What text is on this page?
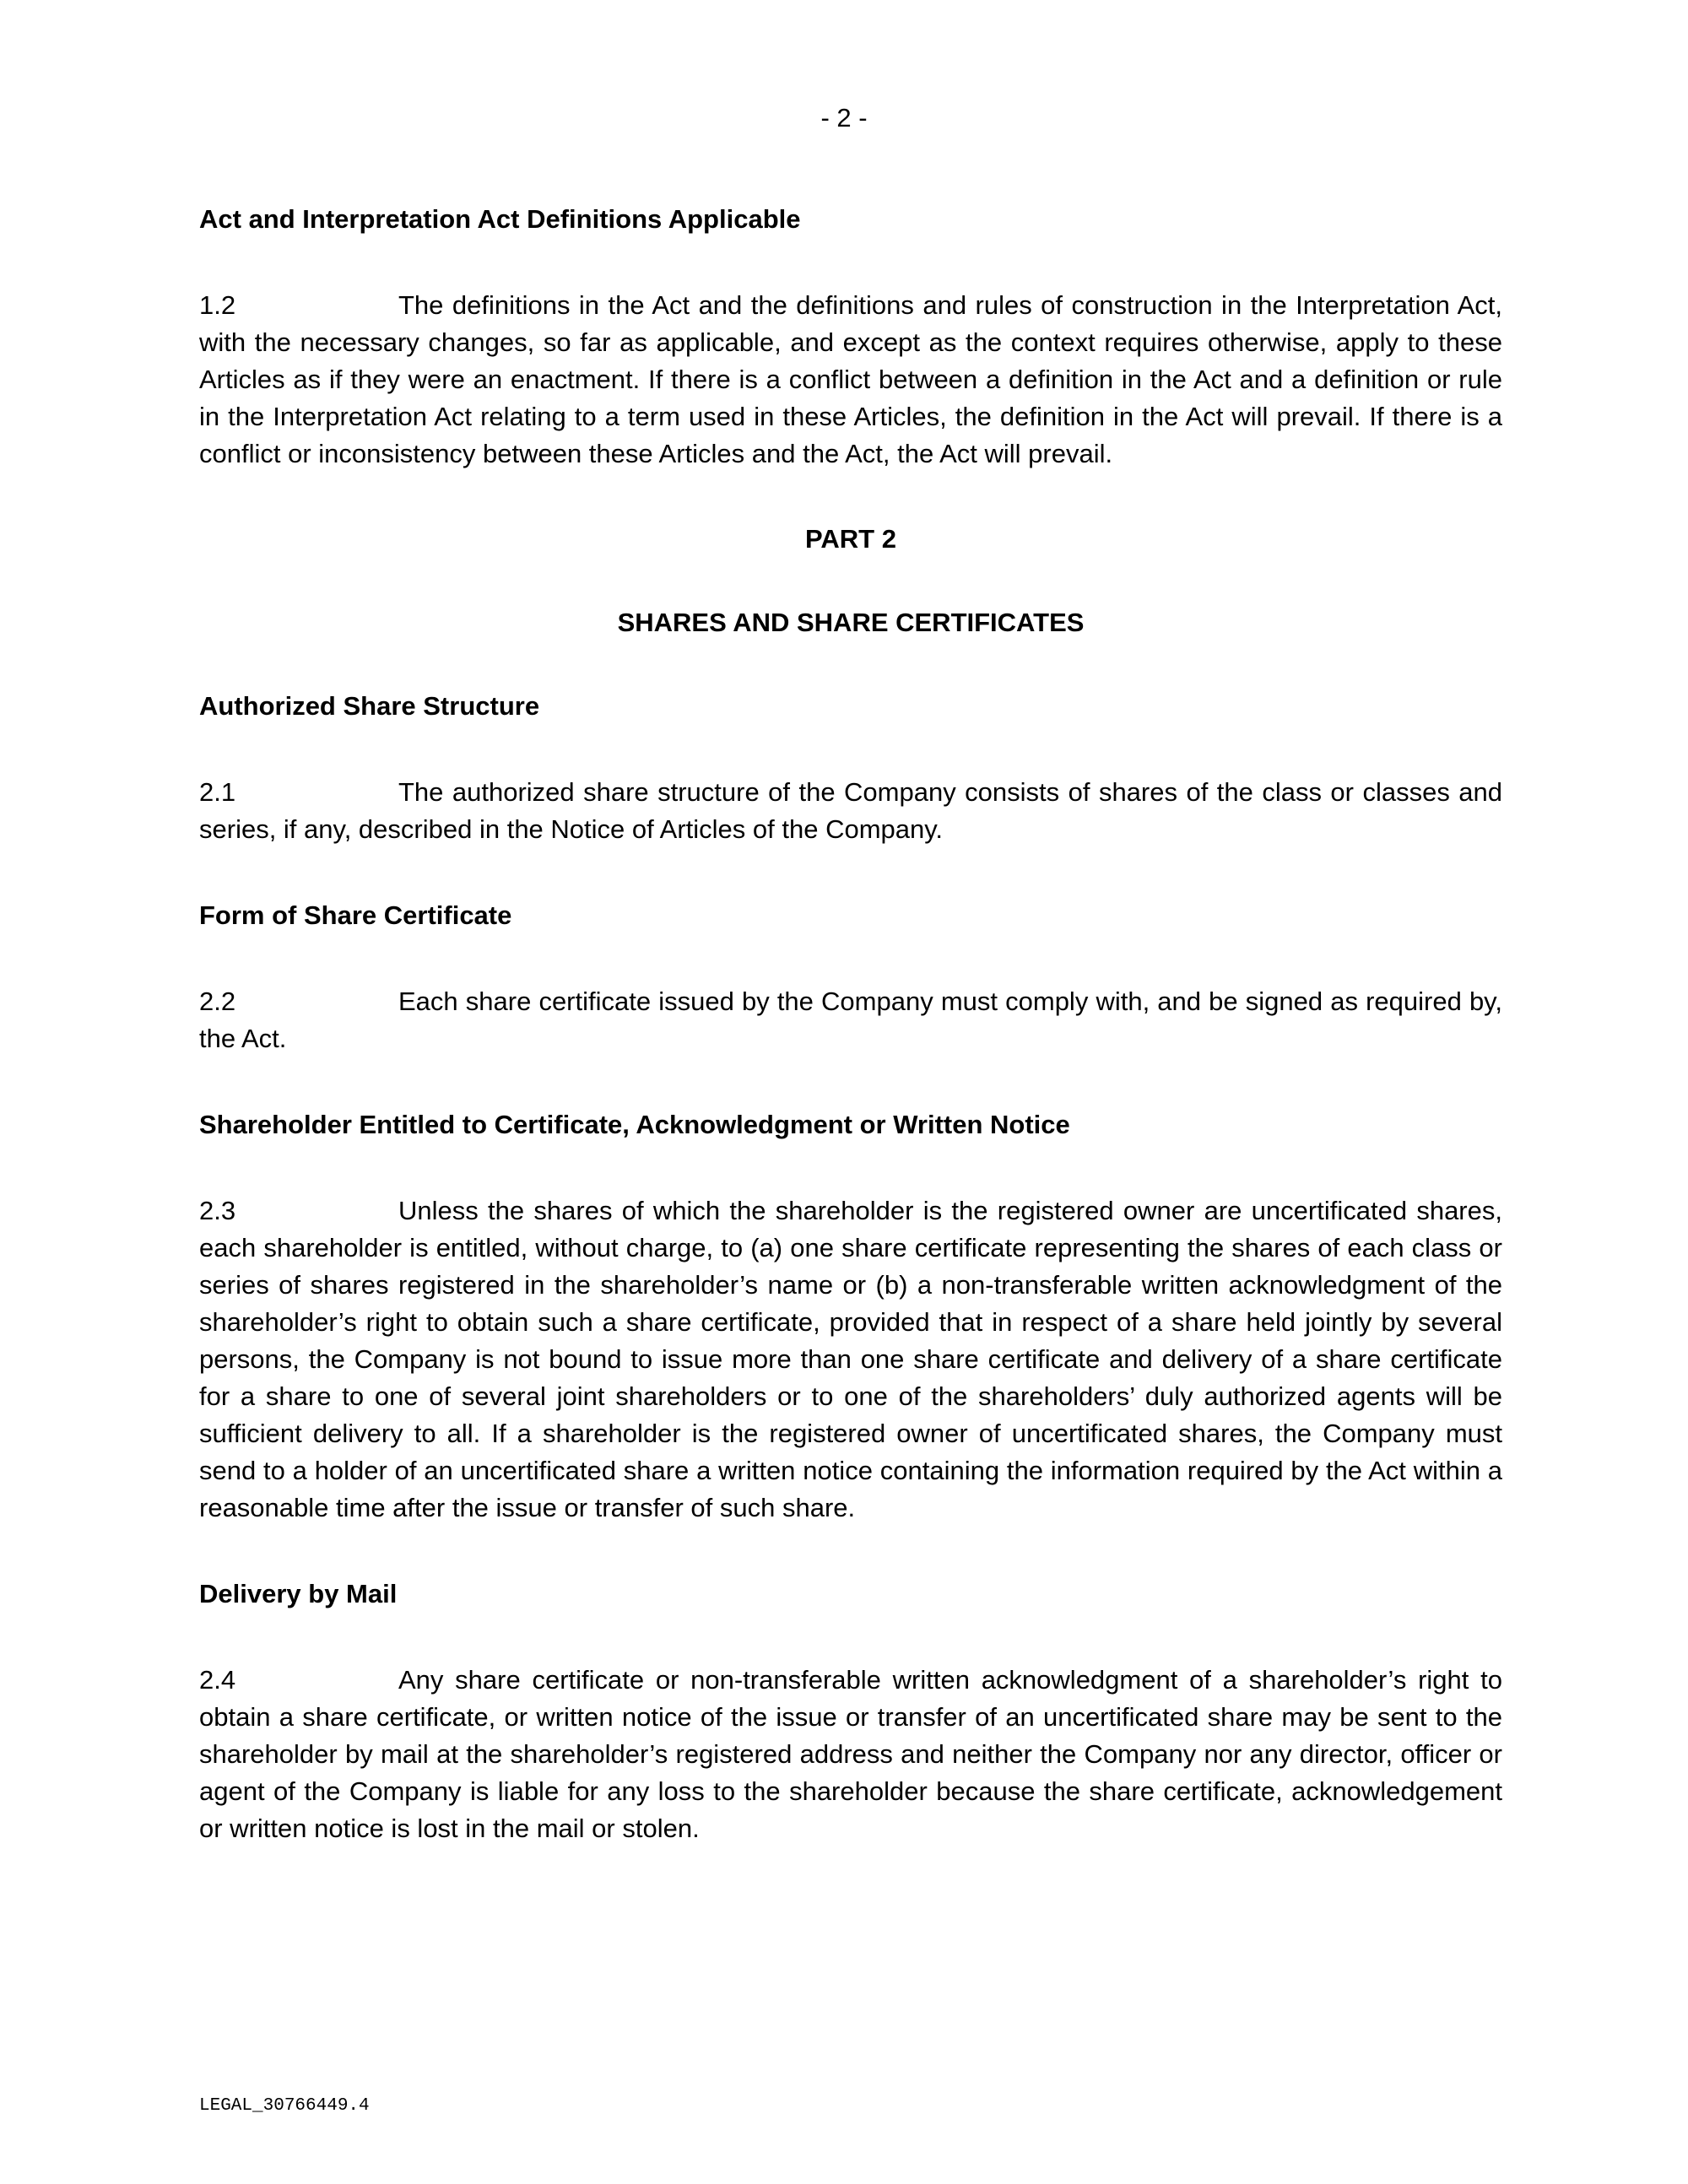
- 2 -

Act and Interpretation Act Definitions Applicable

1.2	The definitions in the Act and the definitions and rules of construction in the Interpretation Act, with the necessary changes, so far as applicable, and except as the context requires otherwise, apply to these Articles as if they were an enactment. If there is a conflict between a definition in the Act and a definition or rule in the Interpretation Act relating to a term used in these Articles, the definition in the Act will prevail. If there is a conflict or inconsistency between these Articles and the Act, the Act will prevail.

PART 2

SHARES AND SHARE CERTIFICATES

Authorized Share Structure

2.1	The authorized share structure of the Company consists of shares of the class or classes and series, if any, described in the Notice of Articles of the Company.

Form of Share Certificate

2.2	Each share certificate issued by the Company must comply with, and be signed as required by, the Act.

Shareholder Entitled to Certificate, Acknowledgment or Written Notice

2.3	Unless the shares of which the shareholder is the registered owner are uncertificated shares, each shareholder is entitled, without charge, to (a) one share certificate representing the shares of each class or series of shares registered in the shareholder’s name or (b) a non-transferable written acknowledgment of the shareholder’s right to obtain such a share certificate, provided that in respect of a share held jointly by several persons, the Company is not bound to issue more than one share certificate and delivery of a share certificate for a share to one of several joint shareholders or to one of the shareholders’ duly authorized agents will be sufficient delivery to all. If a shareholder is the registered owner of uncertificated shares, the Company must send to a holder of an uncertificated share a written notice containing the information required by the Act within a reasonable time after the issue or transfer of such share.

Delivery by Mail

2.4	Any share certificate or non-transferable written acknowledgment of a shareholder’s right to obtain a share certificate, or written notice of the issue or transfer of an uncertificated share may be sent to the shareholder by mail at the shareholder’s registered address and neither the Company nor any director, officer or agent of the Company is liable for any loss to the shareholder because the share certificate, acknowledgement or written notice is lost in the mail or stolen.

LEGAL_30766449.4
